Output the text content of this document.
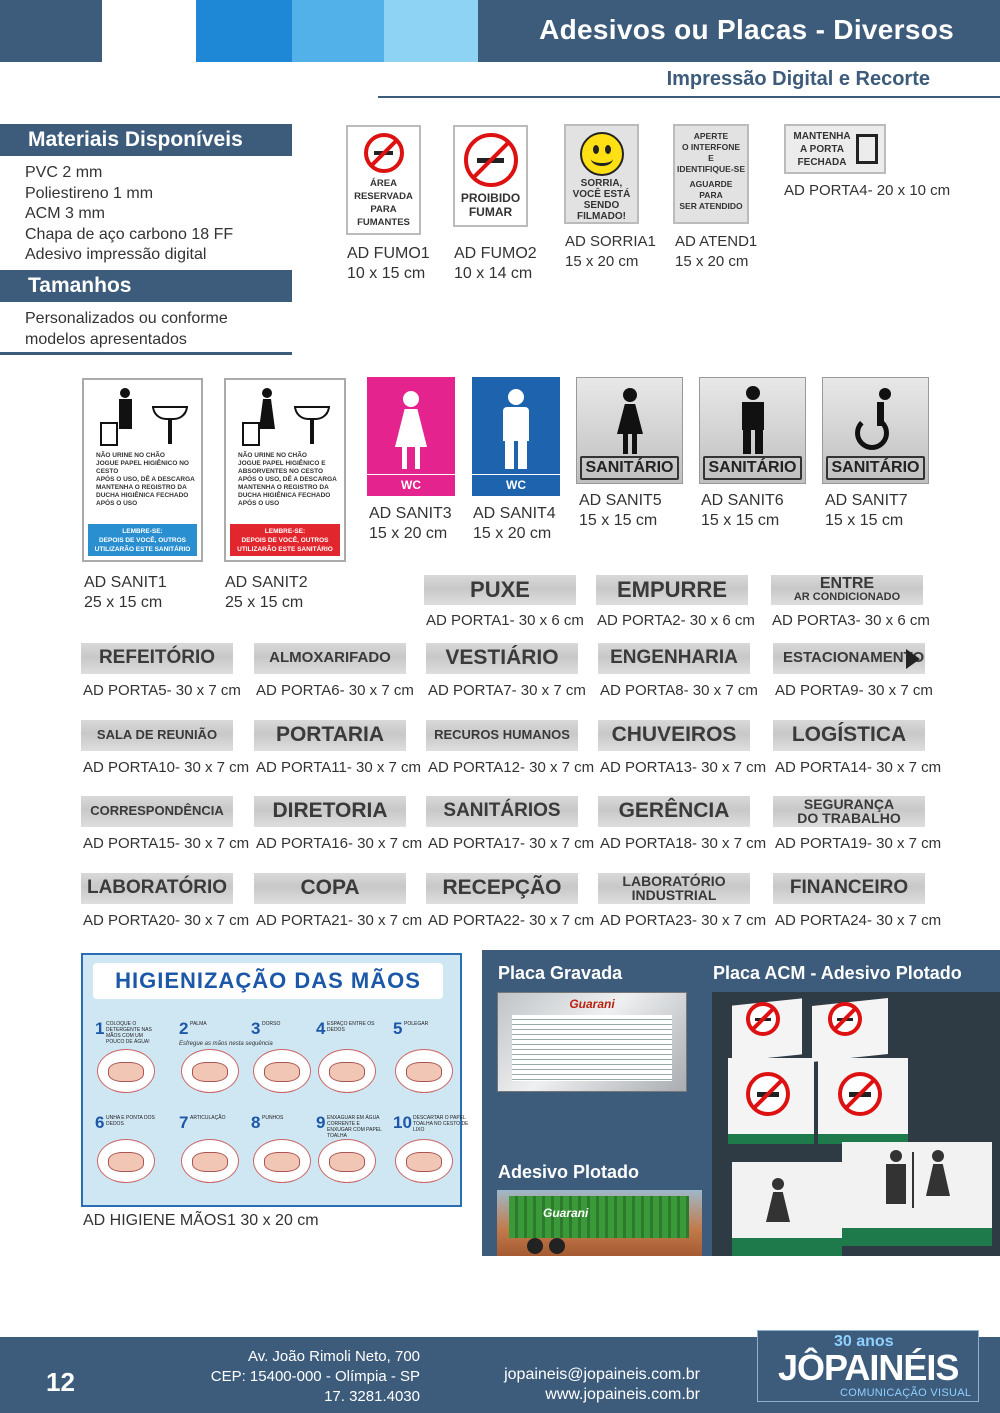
Adesivos ou Placas - Diversos
Impressão Digital e Recorte
Materiais Disponíveis
PVC 2 mm
Poliestireno 1 mm
ACM 3 mm
Chapa de aço carbono 18 FF
Adesivo impressão digital
Tamanhos
Personalizados ou conforme
modelos apresentados
ÁREA
RESERVADA
PARA
FUMANTES
AD FUMO1
10 x 15 cm
PROIBIDO
FUMAR
AD FUMO2
10 x 14 cm
SORRIA,
VOCÊ ESTÁ
SENDO
FILMADO!
AD SORRIA1
15 x 20 cm
APERTE
O INTERFONE
E
IDENTIFIQUE-SE
AGUARDE
PARA
SER ATENDIDO
AD ATEND1
15 x 20 cm
MANTENHA
A PORTA
FECHADA
AD PORTA4- 20 x 10 cm
NÃO URINE NO CHÃO
JOGUE PAPEL HIGIÊNICO NO CESTO
APÓS O USO, DÊ A DESCARGA
MANTENHA O REGISTRO DA DUCHA HIGIÊNICA FECHADO APÓS O USO
LEMBRE-SE:
DEPOIS DE VOCÊ, OUTROS
UTILIZARÃO ESTE SANITÁRIO
AD SANIT1
25 x 15 cm
NÃO URINE NO CHÃO
JOGUE PAPEL HIGIÊNICO E ABSORVENTES NO CESTO
APÓS O USO, DÊ A DESCARGA
MANTENHA O REGISTRO DA DUCHA HIGIÊNICA FECHADO APÓS O USO
LEMBRE-SE:
DEPOIS DE VOCÊ, OUTROS
UTILIZARÃO ESTE SANITÁRIO
AD SANIT2
25 x 15 cm
WC
AD SANIT3
15 x 20 cm
WC
AD SANIT4
15 x 20 cm
SANITÁRIO
AD SANIT5
15 x 15 cm
SANITÁRIO
AD SANIT6
15 x 15 cm
SANITÁRIO
AD SANIT7
15 x 15 cm
PUXE
AD PORTA1- 30 x 6 cm
EMPURRE
AD PORTA2- 30 x 6 cm
ENTRE
AR CONDICIONADO
AD PORTA3- 30 x 6 cm
REFEITÓRIO
AD PORTA5- 30 x 7 cm
ALMOXARIFADO
AD PORTA6- 30 x 7 cm
VESTIÁRIO
AD PORTA7- 30 x 7 cm
ENGENHARIA
AD PORTA8- 30 x 7 cm
ESTACIONAMENTO
AD PORTA9- 30 x 7 cm
SALA DE REUNIÃO
AD PORTA10- 30 x 7 cm
PORTARIA
AD PORTA11- 30 x 7 cm
RECUROS HUMANOS
AD PORTA12- 30 x 7 cm
CHUVEIROS
AD PORTA13- 30 x 7 cm
LOGÍSTICA
AD PORTA14- 30 x 7 cm
CORRESPONDÊNCIA
AD PORTA15- 30 x 7 cm
DIRETORIA
AD PORTA16- 30 x 7 cm
SANITÁRIOS
AD PORTA17- 30 x 7 cm
GERÊNCIA
AD PORTA18- 30 x 7 cm
SEGURANÇA
DO TRABALHO
AD PORTA19- 30 x 7 cm
LABORATÓRIO
AD PORTA20- 30 x 7 cm
COPA
AD PORTA21- 30 x 7 cm
RECEPÇÃO
AD PORTA22- 30 x 7 cm
LABORATÓRIO
INDUSTRIAL
AD PORTA23- 30 x 7 cm
FINANCEIRO
AD PORTA24- 30 x 7 cm
HIGIENIZAÇÃO DAS MÃOS
Esfregue as mãos nesta sequência
1 COLOQUE O DETERGENTE NAS MÃOS COM UM POUCO DE ÁGUA!
2 PALMA	3 DORSO	4 ESPAÇO ENTRE OS DEDOS	5 POLEGAR
6 UNHA E PONTA DOS DEDOS	7 ARTICULAÇÃO	8 PUNHOS	9 ENXAGUAR EM ÁGUA CORRENTE E ENXUGAR COM PAPEL TOALHA
10 DESCARTAR O PAPEL TOALHA NO CESTO DE LIXO
AD HIGIENE MÃOS1 30 x 20 cm
Placa Gravada	Placa ACM - Adesivo Plotado
Guarani
Adesivo Plotado
Guarani
12
Av. João Rimoli Neto, 700
CEP: 15400-000 - Olímpia - SP
17. 3281.4030
jopaineis@jopaineis.com.br
www.jopaineis.com.br
30 anos
JÔPAINÉIS
COMUNICAÇÃO VISUAL
